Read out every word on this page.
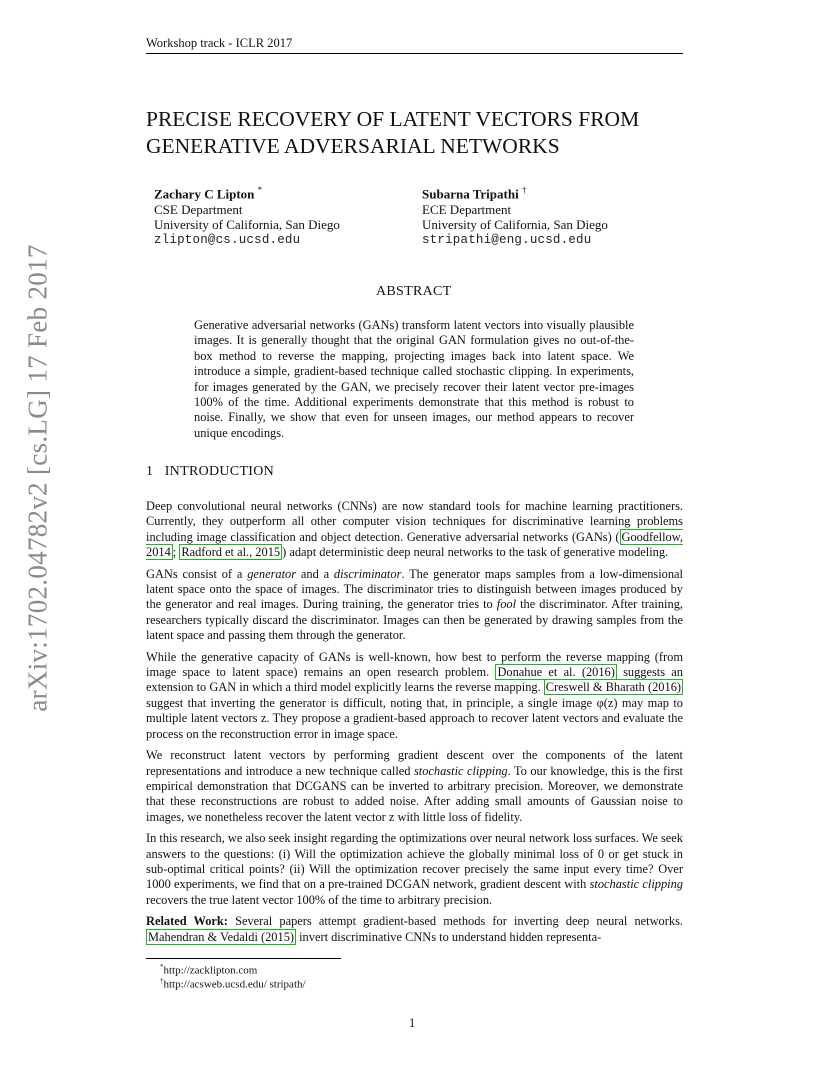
arXiv:1702.04782v2 [cs.LG] 17 Feb 2017
Workshop track - ICLR 2017
PRECISE RECOVERY OF LATENT VECTORS FROM
GENERATIVE ADVERSARIAL NETWORKS
Zachary C Lipton *
CSE Department
University of California, San Diego
zlipton@cs.ucsd.edu
Subarna Tripathi †
ECE Department
University of California, San Diego
stripathi@eng.ucsd.edu
ABSTRACT
Generative adversarial networks (GANs) transform latent vectors into visually plausible images. It is generally thought that the original GAN formulation gives no out-of-the-box method to reverse the mapping, projecting images back into latent space. We introduce a simple, gradient-based technique called stochastic clipping. In experiments, for images generated by the GAN, we precisely recover their latent vector pre-images 100% of the time. Additional experiments demonstrate that this method is robust to noise. Finally, we show that even for unseen images, our method appears to recover unique encodings.
1 INTRODUCTION

Deep convolutional neural networks (CNNs) are now standard tools for machine learning practitioners. Currently, they outperform all other computer vision techniques for discriminative learning problems including image classification and object detection. Generative adversarial networks (GANs) ( Goodfellow, 2014 ; Radford et al., 2015 ) adapt deterministic deep neural networks to the task of generative modeling.

GANs consist of a generator and a discriminator. The generator maps samples from a low-dimensional latent space onto the space of images. The discriminator tries to distinguish between images produced by the generator and real images. During training, the generator tries to fool the discriminator. After training, researchers typically discard the discriminator. Images can then be generated by drawing samples from the latent space and passing them through the generator.

While the generative capacity of GANs is well-known, how best to perform the reverse mapping (from image space to latent space) remains an open research problem. Donahue et al. (2016) suggests an extension to GAN in which a third model explicitly learns the reverse mapping. Creswell & Bharath (2016) suggest that inverting the generator is difficult, noting that, in principle, a single image φ(z) may map to multiple latent vectors z. They propose a gradient-based approach to recover latent vectors and evaluate the process on the reconstruction error in image space.

We reconstruct latent vectors by performing gradient descent over the components of the latent representations and introduce a new technique called stochastic clipping. To our knowledge, this is the first empirical demonstration that DCGANS can be inverted to arbitrary precision. Moreover, we demonstrate that these reconstructions are robust to added noise. After adding small amounts of Gaussian noise to images, we nonetheless recover the latent vector z with little loss of fidelity.

In this research, we also seek insight regarding the optimizations over neural network loss surfaces. We seek answers to the questions: (i) Will the optimization achieve the globally minimal loss of 0 or get stuck in sub-optimal critical points? (ii) Will the optimization recover precisely the same input every time? Over 1000 experiments, we find that on a pre-trained DCGAN network, gradient descent with stochastic clipping recovers the true latent vector 100% of the time to arbitrary precision.

Related Work: Several papers attempt gradient-based methods for inverting deep neural networks. Mahendran & Vedaldi (2015) invert discriminative CNNs to understand hidden representa-

*http://zacklipton.com
†http://acsweb.ucsd.edu/ stripath/
1
